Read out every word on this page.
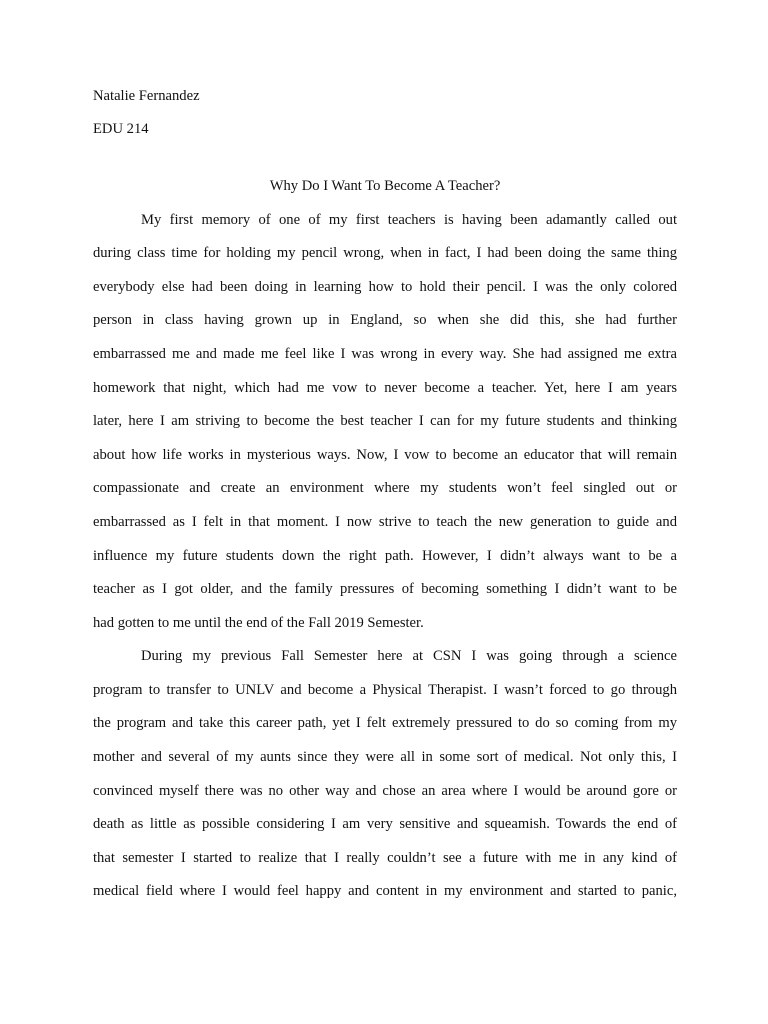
Natalie Fernandez
EDU 214
Why Do I Want To Become A Teacher?
My first memory of one of my first teachers is having been adamantly called out
during class time for holding my pencil wrong, when in fact, I had been doing the same thing
everybody else had been doing in learning how to hold their pencil. I was the only colored
person in class having grown up in England, so when she did this, she had further
embarrassed me and made me feel like I was wrong in every way. She had assigned me extra
homework that night, which had me vow to never become a teacher. Yet, here I am years
later, here I am striving to become the best teacher I can for my future students and thinking
about how life works in mysterious ways. Now, I vow to become an educator that will remain
compassionate and create an environment where my students won’t feel singled out or
embarrassed as I felt in that moment. I now strive to teach the new generation to guide and
influence my future students down the right path. However, I didn’t always want to be a
teacher as I got older, and the family pressures of becoming something I didn’t want to be
had gotten to me until the end of the Fall 2019 Semester.
During my previous Fall Semester here at CSN I was going through a science
program to transfer to UNLV and become a Physical Therapist. I wasn’t forced to go through
the program and take this career path, yet I felt extremely pressured to do so coming from my
mother and several of my aunts since they were all in some sort of medical. Not only this, I
convinced myself there was no other way and chose an area where I would be around gore or
death as little as possible considering I am very sensitive and squeamish. Towards the end of
that semester I started to realize that I really couldn’t see a future with me in any kind of
medical field where I would feel happy and content in my environment and started to panic,
